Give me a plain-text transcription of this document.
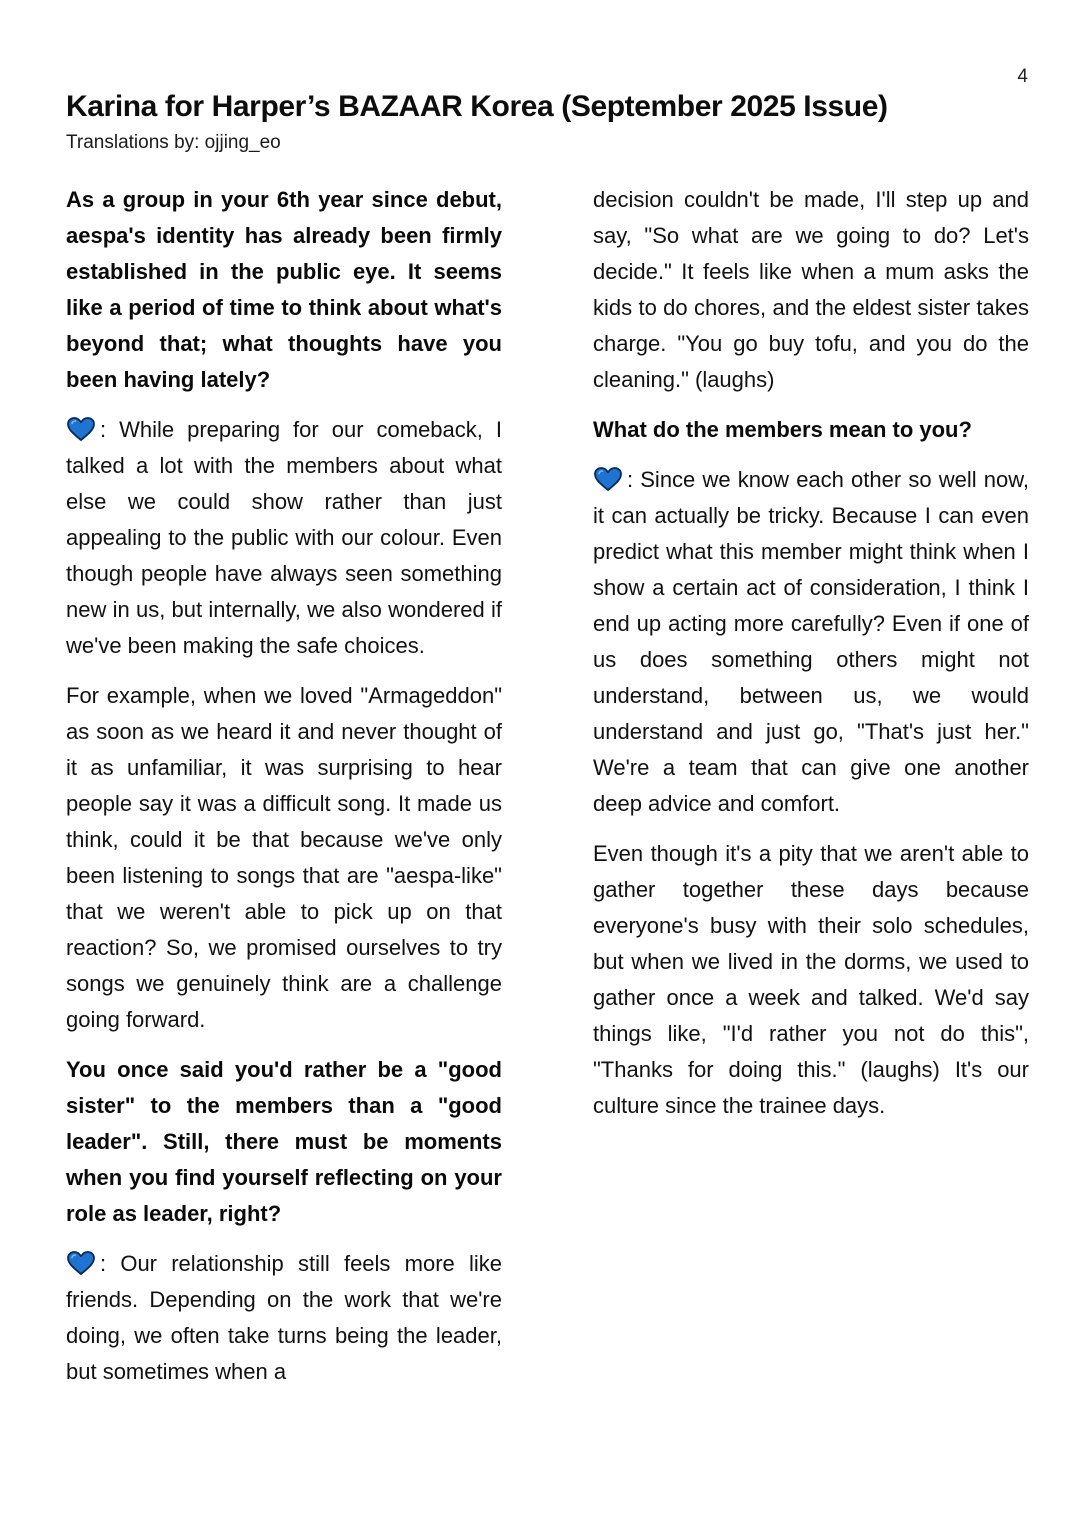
4
Karina for Harper’s BAZAAR Korea (September 2025 Issue)
Translations by: ojjing_eo

As a group in your 6th year since debut, aespa's identity has already been firmly established in the public eye. It seems like a period of time to think about what's beyond that; what thoughts have you been having lately?

: While preparing for our comeback, I talked a lot with the members about what else we could show rather than just appealing to the public with our colour. Even though people have always seen something new in us, but internally, we also wondered if we've been making the safe choices.

For example, when we loved "Armageddon" as soon as we heard it and never thought of it as unfamiliar, it was surprising to hear people say it was a difficult song. It made us think, could it be that because we've only been listening to songs that are "aespa-like" that we weren't able to pick up on that reaction? So, we promised ourselves to try songs we genuinely think are a challenge going forward.

You once said you'd rather be a "good sister" to the members than a "good leader". Still, there must be moments when you find yourself reflecting on your role as leader, right?

: Our relationship still feels more like friends. Depending on the work that we're doing, we often take turns being the leader, but sometimes when a

decision couldn't be made, I'll step up and say, "So what are we going to do? Let's decide." It feels like when a mum asks the kids to do chores, and the eldest sister takes charge. "You go buy tofu, and you do the cleaning." (laughs)

What do the members mean to you?

: Since we know each other so well now, it can actually be tricky. Because I can even predict what this member might think when I show a certain act of consideration, I think I end up acting more carefully? Even if one of us does something others might not understand, between us, we would understand and just go, "That's just her." We're a team that can give one another deep advice and comfort.

Even though it's a pity that we aren't able to gather together these days because everyone's busy with their solo schedules, but when we lived in the dorms, we used to gather once a week and talked. We'd say things like, "I'd rather you not do this", "Thanks for doing this." (laughs) It's our culture since the trainee days.
